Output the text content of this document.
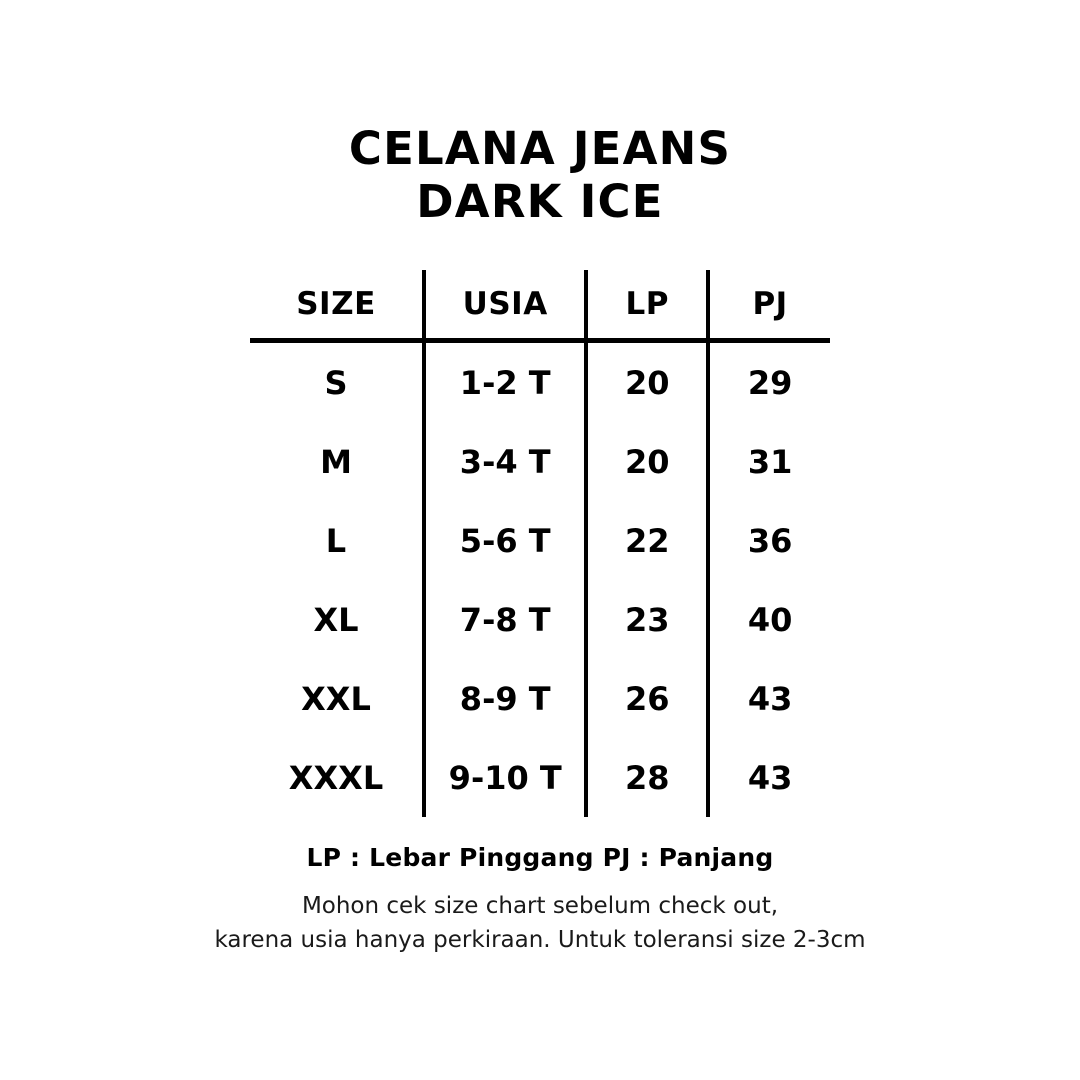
CELANA JEANS
DARK ICE
SIZE	USIA	LP	PJ
S	1-2 T	20	29
M	3-4 T	20	31
L	5-6 T	22	36
XL	7-8 T	23	40
XXL	8-9 T	26	43
XXXL	9-10 T	28	43
LP : Lebar Pinggang PJ : Panjang
Mohon cek size chart sebelum check out,
karena usia hanya perkiraan. Untuk toleransi size 2-3cm
